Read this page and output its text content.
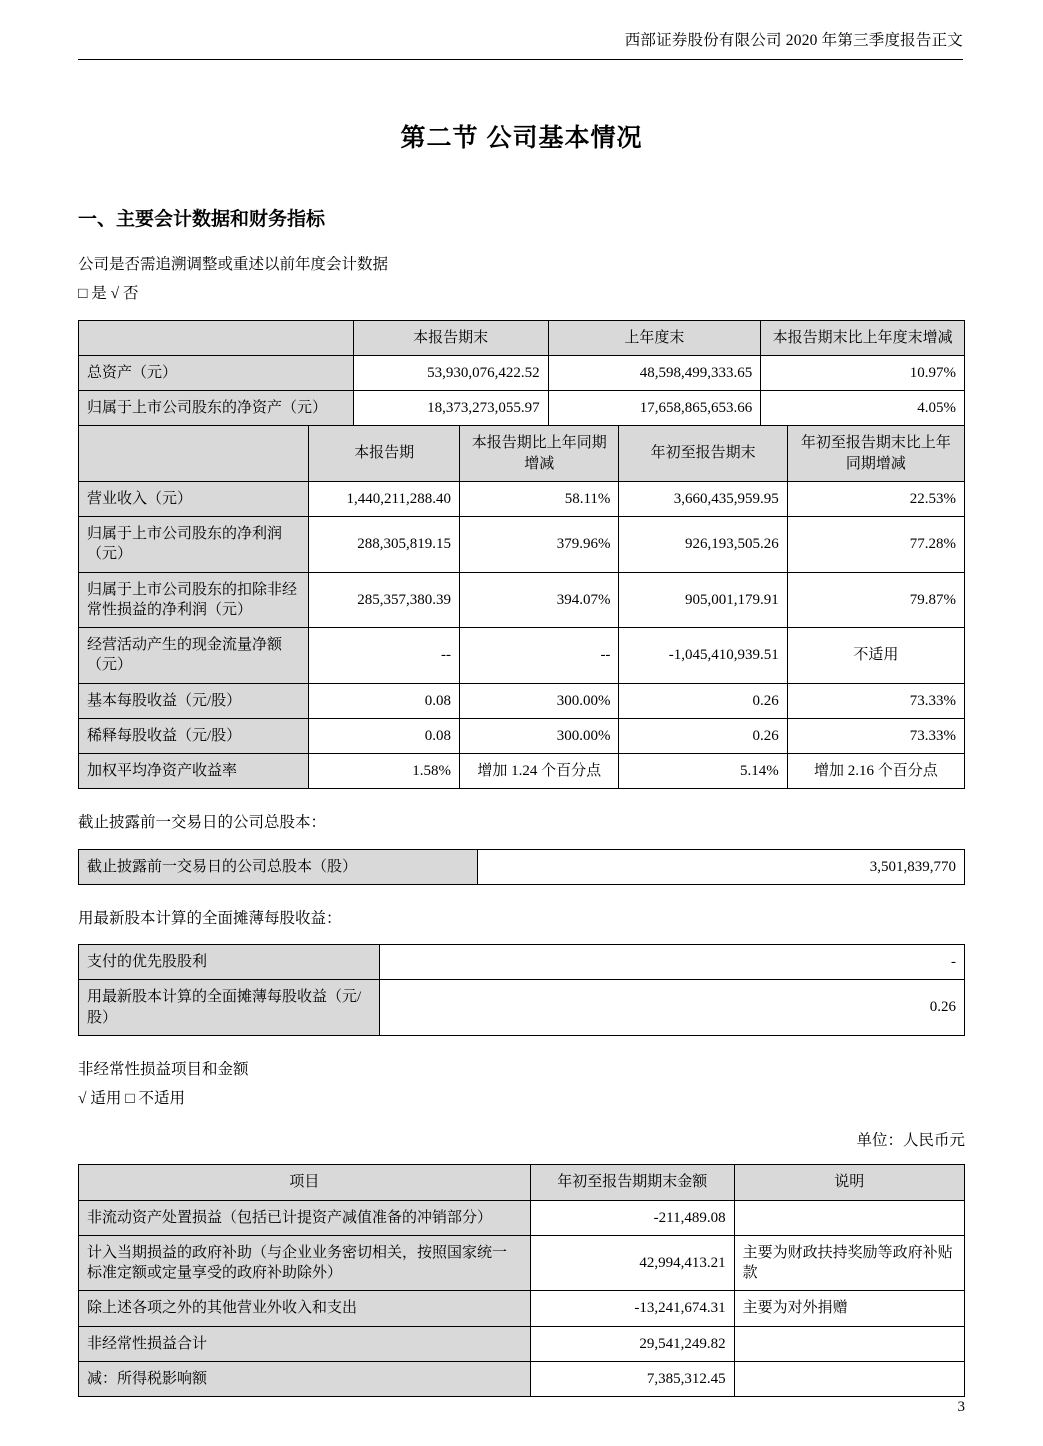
西部证券股份有限公司 2020 年第三季度报告正文
第二节 公司基本情况
一、主要会计数据和财务指标

公司是否需追溯调整或重述以前年度会计数据

□ 是 √ 否

	本报告期末	上年度末	本报告期末比上年度末增减
总资产（元）	53,930,076,422.52	48,598,499,333.65	10.97%
归属于上市公司股东的净资产（元）	18,373,273,055.97	17,658,865,653.66	4.05%
	本报告期	本报告期比上年同期增减	年初至报告期末	年初至报告期末比上年同期增减
营业收入（元）	1,440,211,288.40	58.11%	3,660,435,959.95	22.53%
归属于上市公司股东的净利润（元）	288,305,819.15	379.96%	926,193,505.26	77.28%
归属于上市公司股东的扣除非经常性损益的净利润（元）	285,357,380.39	394.07%	905,001,179.91	79.87%
经营活动产生的现金流量净额（元）	--	--	-1,045,410,939.51	不适用
基本每股收益（元/股）	0.08	300.00%	0.26	73.33%
稀释每股收益（元/股）	0.08	300.00%	0.26	73.33%
加权平均净资产收益率	1.58%	增加 1.24 个百分点	5.14%	增加 2.16 个百分点

截止披露前一交易日的公司总股本：

截止披露前一交易日的公司总股本（股）	3,501,839,770

用最新股本计算的全面摊薄每股收益：

支付的优先股股利	-
用最新股本计算的全面摊薄每股收益（元/股）	0.26

非经常性损益项目和金额

√ 适用 □ 不适用

单位：人民币元

项目	年初至报告期期末金额	说明
非流动资产处置损益（包括已计提资产减值准备的冲销部分）	-211,489.08	
计入当期损益的政府补助（与企业业务密切相关，按照国家统一标准定额或定量享受的政府补助除外）	42,994,413.21	主要为财政扶持奖励等政府补贴款
除上述各项之外的其他营业外收入和支出	-13,241,674.31	主要为对外捐赠
非经常性损益合计	29,541,249.82	
减：所得税影响额	7,385,312.45	
3
